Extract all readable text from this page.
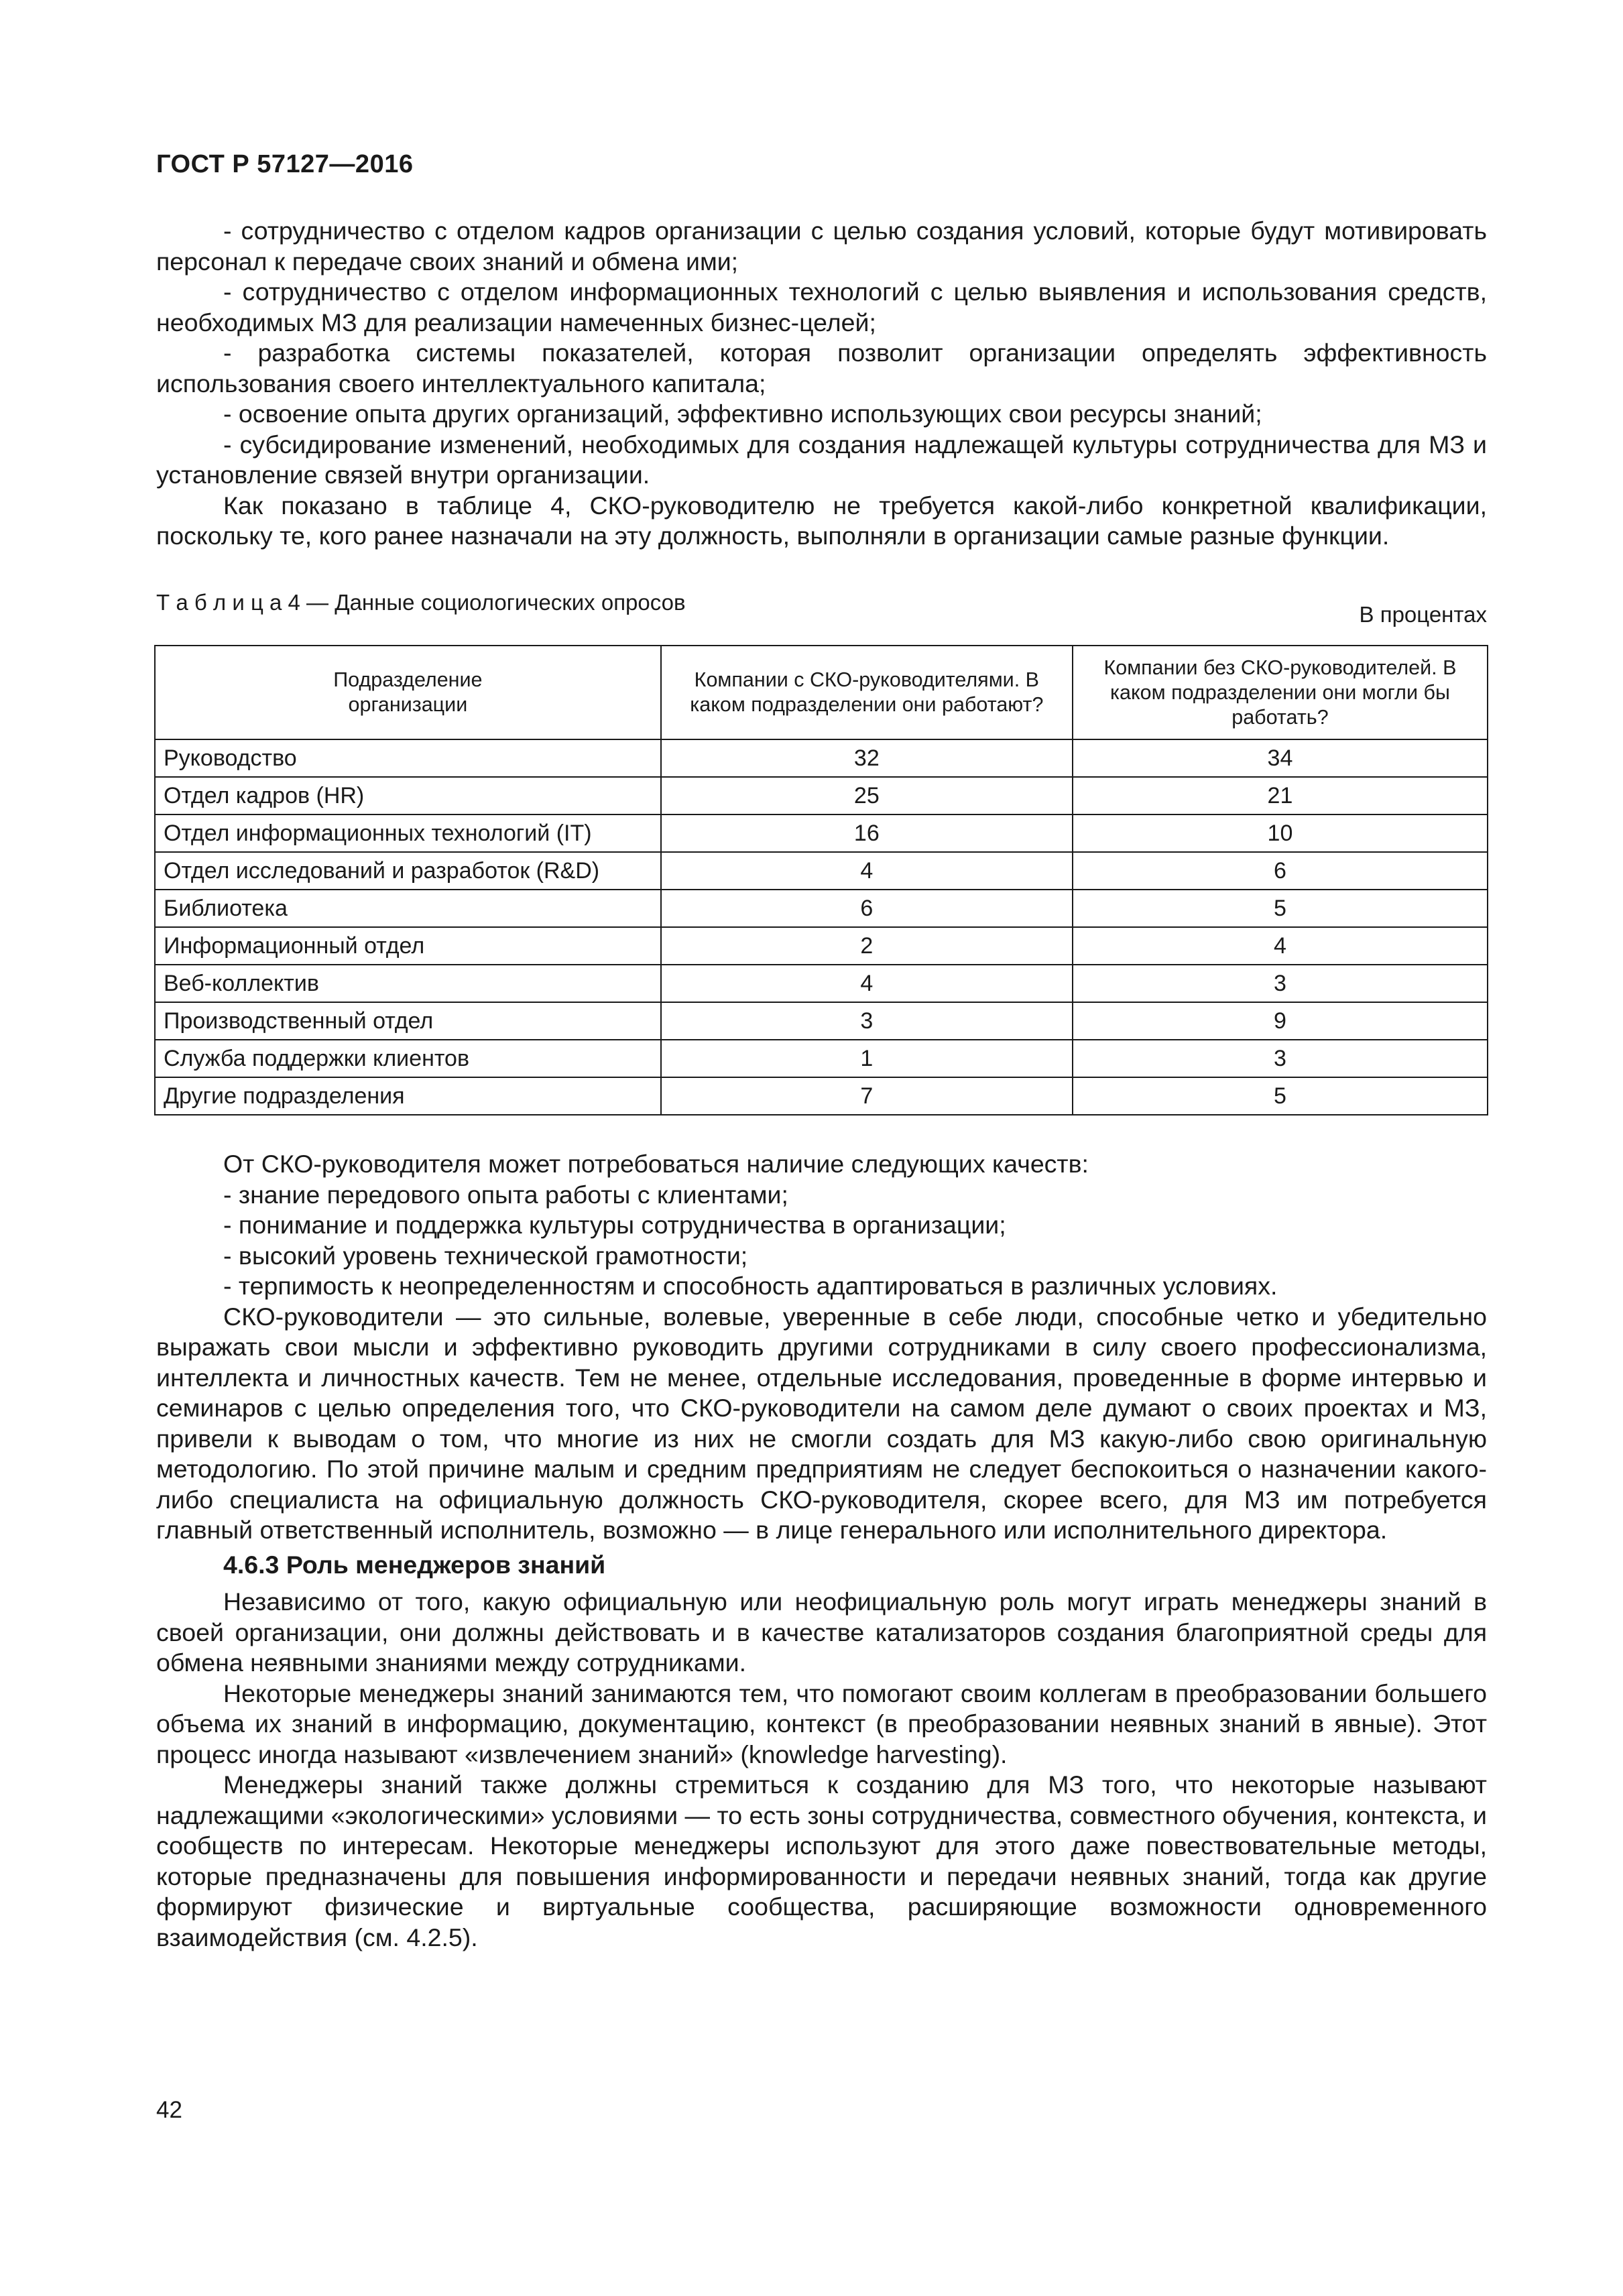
ГОСТ Р 57127—2016

- сотрудничество с отделом кадров организации с целью создания условий, которые будут мотивировать персонал к передаче своих знаний и обмена ими;

- сотрудничество с отделом информационных технологий с целью выявления и использования средств, необходимых МЗ для реализации намеченных бизнес-целей;

- разработка системы показателей, которая позволит организации определять эффективность использования своего интеллектуального капитала;

- освоение опыта других организаций, эффективно использующих свои ресурсы знаний;

- субсидирование изменений, необходимых для создания надлежащей культуры сотрудничества для МЗ и установление связей внутри организации.

Как показано в таблице 4, СКО-руководителю не требуется какой-либо конкретной квалификации, поскольку те, кого ранее назначали на эту должность, выполняли в организации самые разные функции.

Т а б л и ц а 4 — Данные социологических опросов	В процентах
Подразделение организации	Компании с СКО-руководителями. В каком подразделении они работают?	Компании без СКО-руководителей. В каком подразделении они могли бы работать?
Руководство	32	34
Отдел кадров (HR)	25	21
Отдел информационных технологий (IT)	16	10
Отдел исследований и разработок (R&D)	4	6
Библиотека	6	5
Информационный отдел	2	4
Веб-коллектив	4	3
Производственный отдел	3	9
Служба поддержки клиентов	1	3
Другие подразделения	7	5

От СКО-руководителя может потребоваться наличие следующих качеств:

- знание передового опыта работы с клиентами;

- понимание и поддержка культуры сотрудничества в организации;

- высокий уровень технической грамотности;

- терпимость к неопределенностям и способность адаптироваться в различных условиях.

СКО-руководители — это сильные, волевые, уверенные в себе люди, способные четко и убедительно выражать свои мысли и эффективно руководить другими сотрудниками в силу своего профессионализма, интеллекта и личностных качеств. Тем не менее, отдельные исследования, проведенные в форме интервью и семинаров с целью определения того, что СКО-руководители на самом деле думают о своих проектах и МЗ, привели к выводам о том, что многие из них не смогли создать для МЗ какую-либо свою оригинальную методологию. По этой причине малым и средним предприятиям не следует беспокоиться о назначении какого-либо специалиста на официальную должность СКО-руководителя, скорее всего, для МЗ им потребуется главный ответственный исполнитель, возможно — в лице генерального или исполнительного директора.

4.6.3 Роль менеджеров знаний

Независимо от того, какую официальную или неофициальную роль могут играть менеджеры знаний в своей организации, они должны действовать и в качестве катализаторов создания благоприятной среды для обмена неявными знаниями между сотрудниками.

Некоторые менеджеры знаний занимаются тем, что помогают своим коллегам в преобразовании большего объема их знаний в информацию, документацию, контекст (в преобразовании неявных знаний в явные). Этот процесс иногда называют «извлечением знаний» (knowledge harvesting).

Менеджеры знаний также должны стремиться к созданию для МЗ того, что некоторые называют надлежащими «экологическими» условиями — то есть зоны сотрудничества, совместного обучения, контекста, и сообществ по интересам. Некоторые менеджеры используют для этого даже повествовательные методы, которые предназначены для повышения информированности и передачи неявных знаний, тогда как другие формируют физические и виртуальные сообщества, расширяющие возможности одновременного взаимодействия (см. 4.2.5).

42
